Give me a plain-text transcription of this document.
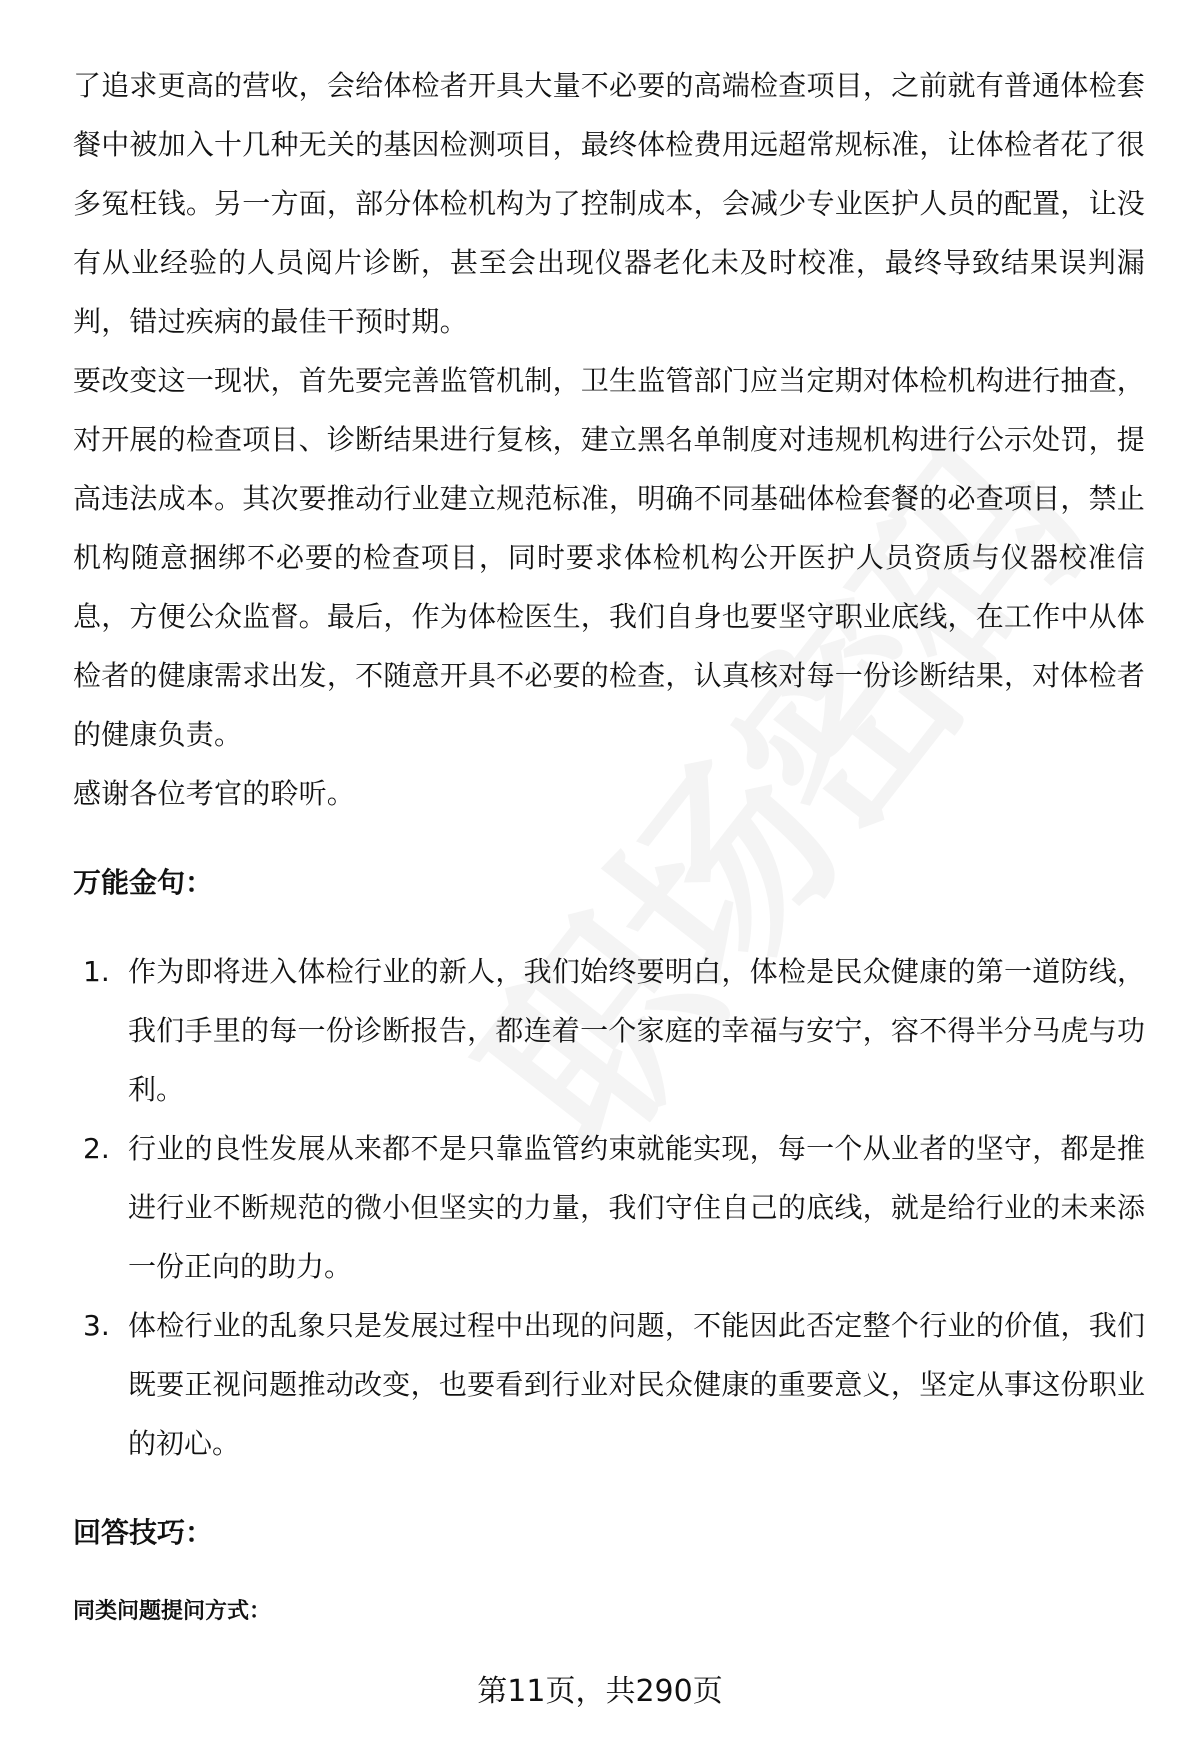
了追求更高的营收，会给体检者开具大量不必要的高端检查项目，之前就有普通体检套餐中被加入十几种无关的基因检测项目，最终体检费用远超常规标准，让体检者花了很多冤枉钱。另一方面，部分体检机构为了控制成本，会减少专业医护人员的配置，让没有从业经验的人员阅片诊断，甚至会出现仪器老化未及时校准，最终导致结果误判漏判，错过疾病的最佳干预时期。

要改变这一现状，首先要完善监管机制，卫生监管部门应当定期对体检机构进行抽查，对开展的检查项目、诊断结果进行复核，建立黑名单制度对违规机构进行公示处罚，提高违法成本。其次要推动行业建立规范标准，明确不同基础体检套餐的必查项目，禁止机构随意捆绑不必要的检查项目，同时要求体检机构公开医护人员资质与仪器校准信息，方便公众监督。最后，作为体检医生，我们自身也要坚守职业底线，在工作中从体检者的健康需求出发，不随意开具不必要的检查，认真核对每一份诊断结果，对体检者的健康负责。

感谢各位考官的聆听。

万能金句：

1. 作为即将进入体检行业的新人，我们始终要明白，体检是民众健康的第一道防线，我们手里的每一份诊断报告，都连着一个家庭的幸福与安宁，容不得半分马虎与功利。
2. 行业的良性发展从来都不是只靠监管约束就能实现，每一个从业者的坚守，都是推进行业不断规范的微小但坚实的力量，我们守住自己的底线，就是给行业的未来添一份正向的助力。
3. 体检行业的乱象只是发展过程中出现的问题，不能因此否定整个行业的价值，我们既要正视问题推动改变，也要看到行业对民众健康的重要意义，坚定从事这份职业的初心。

回答技巧：

同类问题提问方式：

第11页，共290页
